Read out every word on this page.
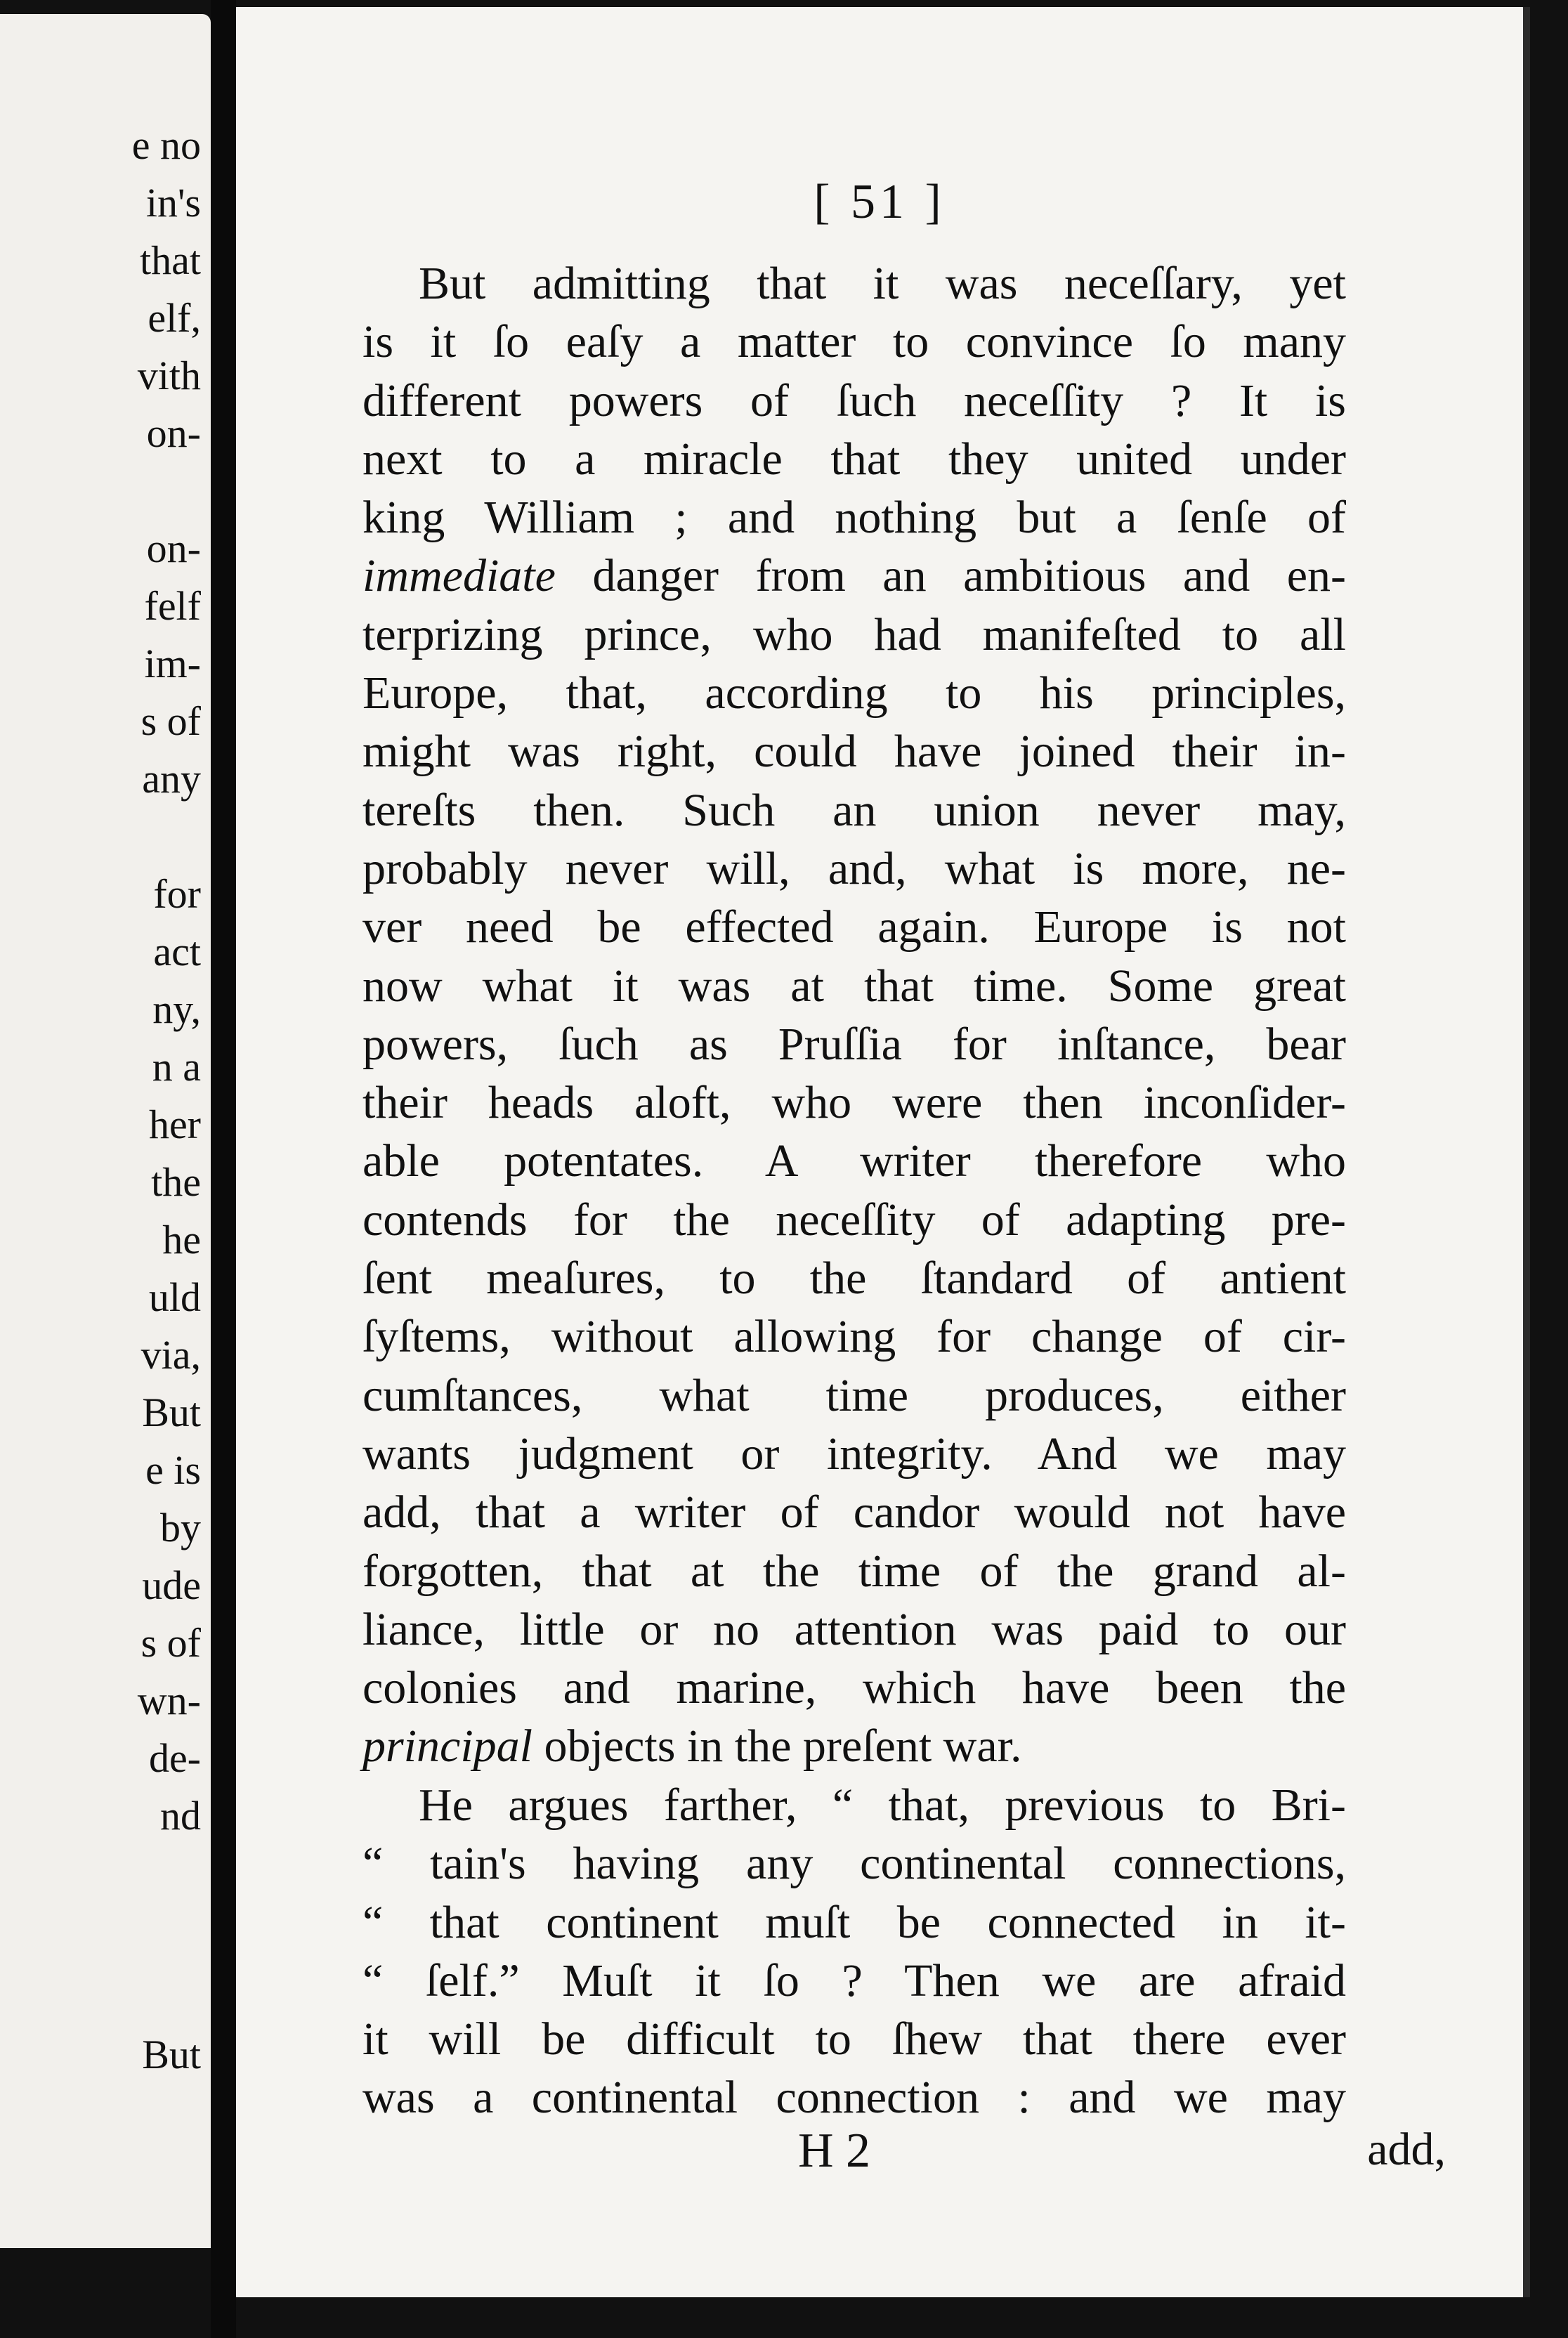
e no
in's
that
elf,
vith
on-
on-
felf
im-
s of
any
for
act
ny,
n a
her
the
he
uld
via,
But
e is
by
ude
s of
wn-
de-
nd
But
[ 51 ]
But admitting that it was neceſſary, yet
is it ſo eaſy a matter to convince ſo many
different powers of ſuch neceſſity ? It is
next to a miracle that they united under
king William ; and nothing but a ſenſe of
immediate danger from an ambitious and en-
terprizing prince, who had manifeſted to all
Europe, that, according to his principles,
might was right, could have joined their in-
tereſts then. Such an union never may,
probably never will, and, what is more, ne-
ver need be effected again. Europe is not
now what it was at that time. Some great
powers, ſuch as Pruſſia for inſtance, bear
their heads aloft, who were then inconſider-
able potentates. A writer therefore who
contends for the neceſſity of adapting pre-
ſent meaſures, to the ſtandard of antient
ſyſtems, without allowing for change of cir-
cumſtances, what time produces, either
wants judgment or integrity. And we may
add, that a writer of candor would not have
forgotten, that at the time of the grand al-
liance, little or no attention was paid to our
colonies and marine, which have been the
principal objects in the preſent war.
He argues farther, “ that, previous to Bri-
“ tain's having any continental connections,
“ that continent muſt be connected in it-
“ ſelf.” Muſt it ſo ? Then we are afraid
it will be difficult to ſhew that there ever
was a continental connection : and we may
H 2	add,
